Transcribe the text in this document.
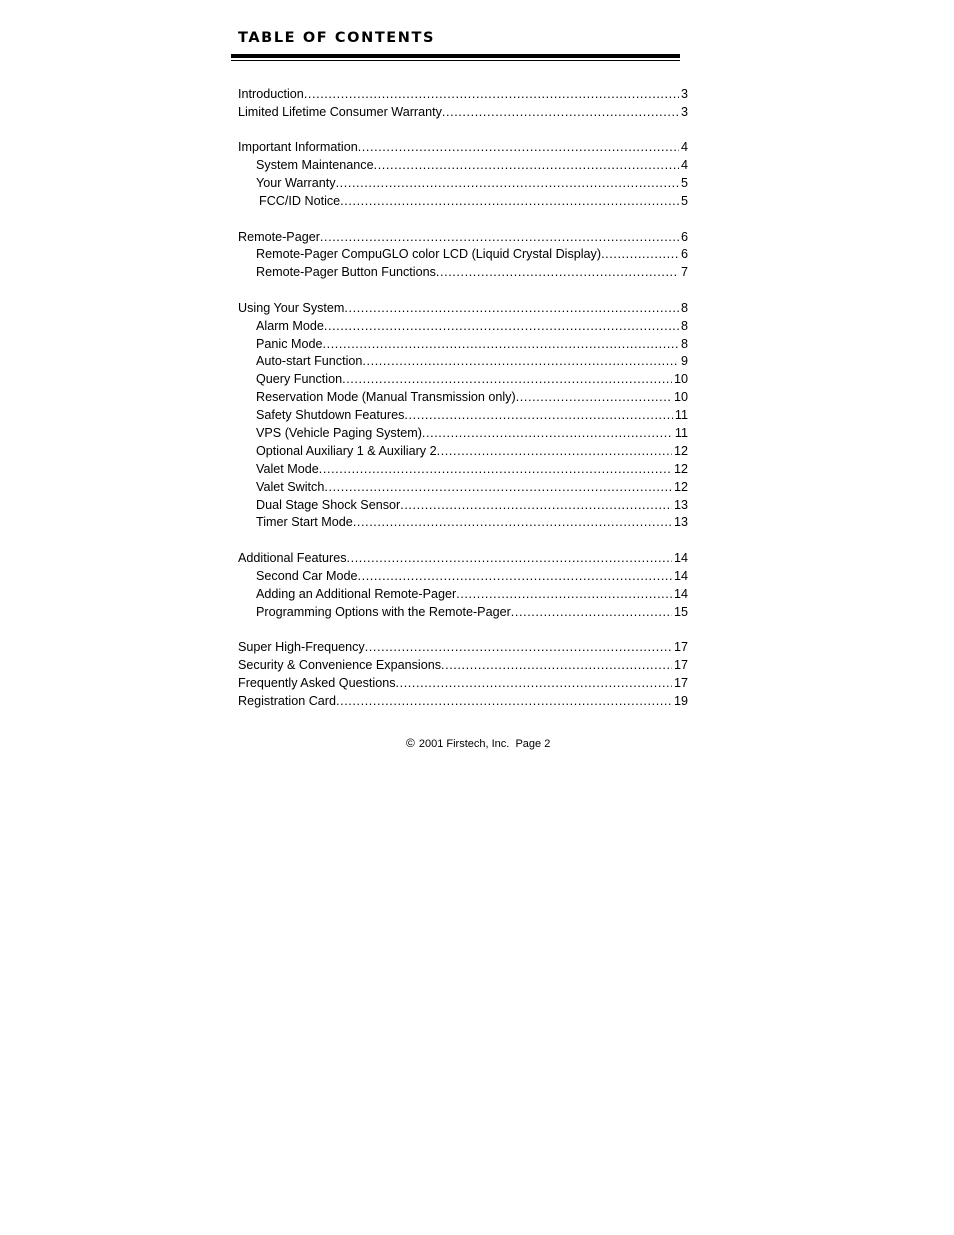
TABLE OF CONTENTS
Introduction .....	3
Limited Lifetime Consumer Warranty .....	3
Important Information .....	4
System Maintenance .....	4
Your Warranty .....	5
FCC/ID Notice .....	5
Remote-Pager .....	6
Remote-Pager CompuGLO color LCD (Liquid Crystal Display) .....	6
Remote-Pager Button Functions .....	7
Using Your System .....	8
Alarm Mode .....	8
Panic Mode .....	8
Auto-start Function .....	9
Query Function .....	10
Reservation Mode (Manual Transmission only) .....	10
Safety Shutdown Features .....	11
VPS (Vehicle Paging System) .....	11
Optional Auxiliary 1 & Auxiliary 2 .....	12
Valet Mode .....	12
Valet Switch .....	12
Dual Stage Shock Sensor .....	13
Timer Start Mode .....	13
Additional Features .....	14
Second Car Mode .....	14
Adding an Additional Remote-Pager .....	14
Programming Options with the Remote-Pager .....	15
Super High-Frequency .....	17
Security & Convenience Expansions .....	17
Frequently Asked Questions .....	17
Registration Card .....	19
© 2001 Firstech, Inc.  Page 2
